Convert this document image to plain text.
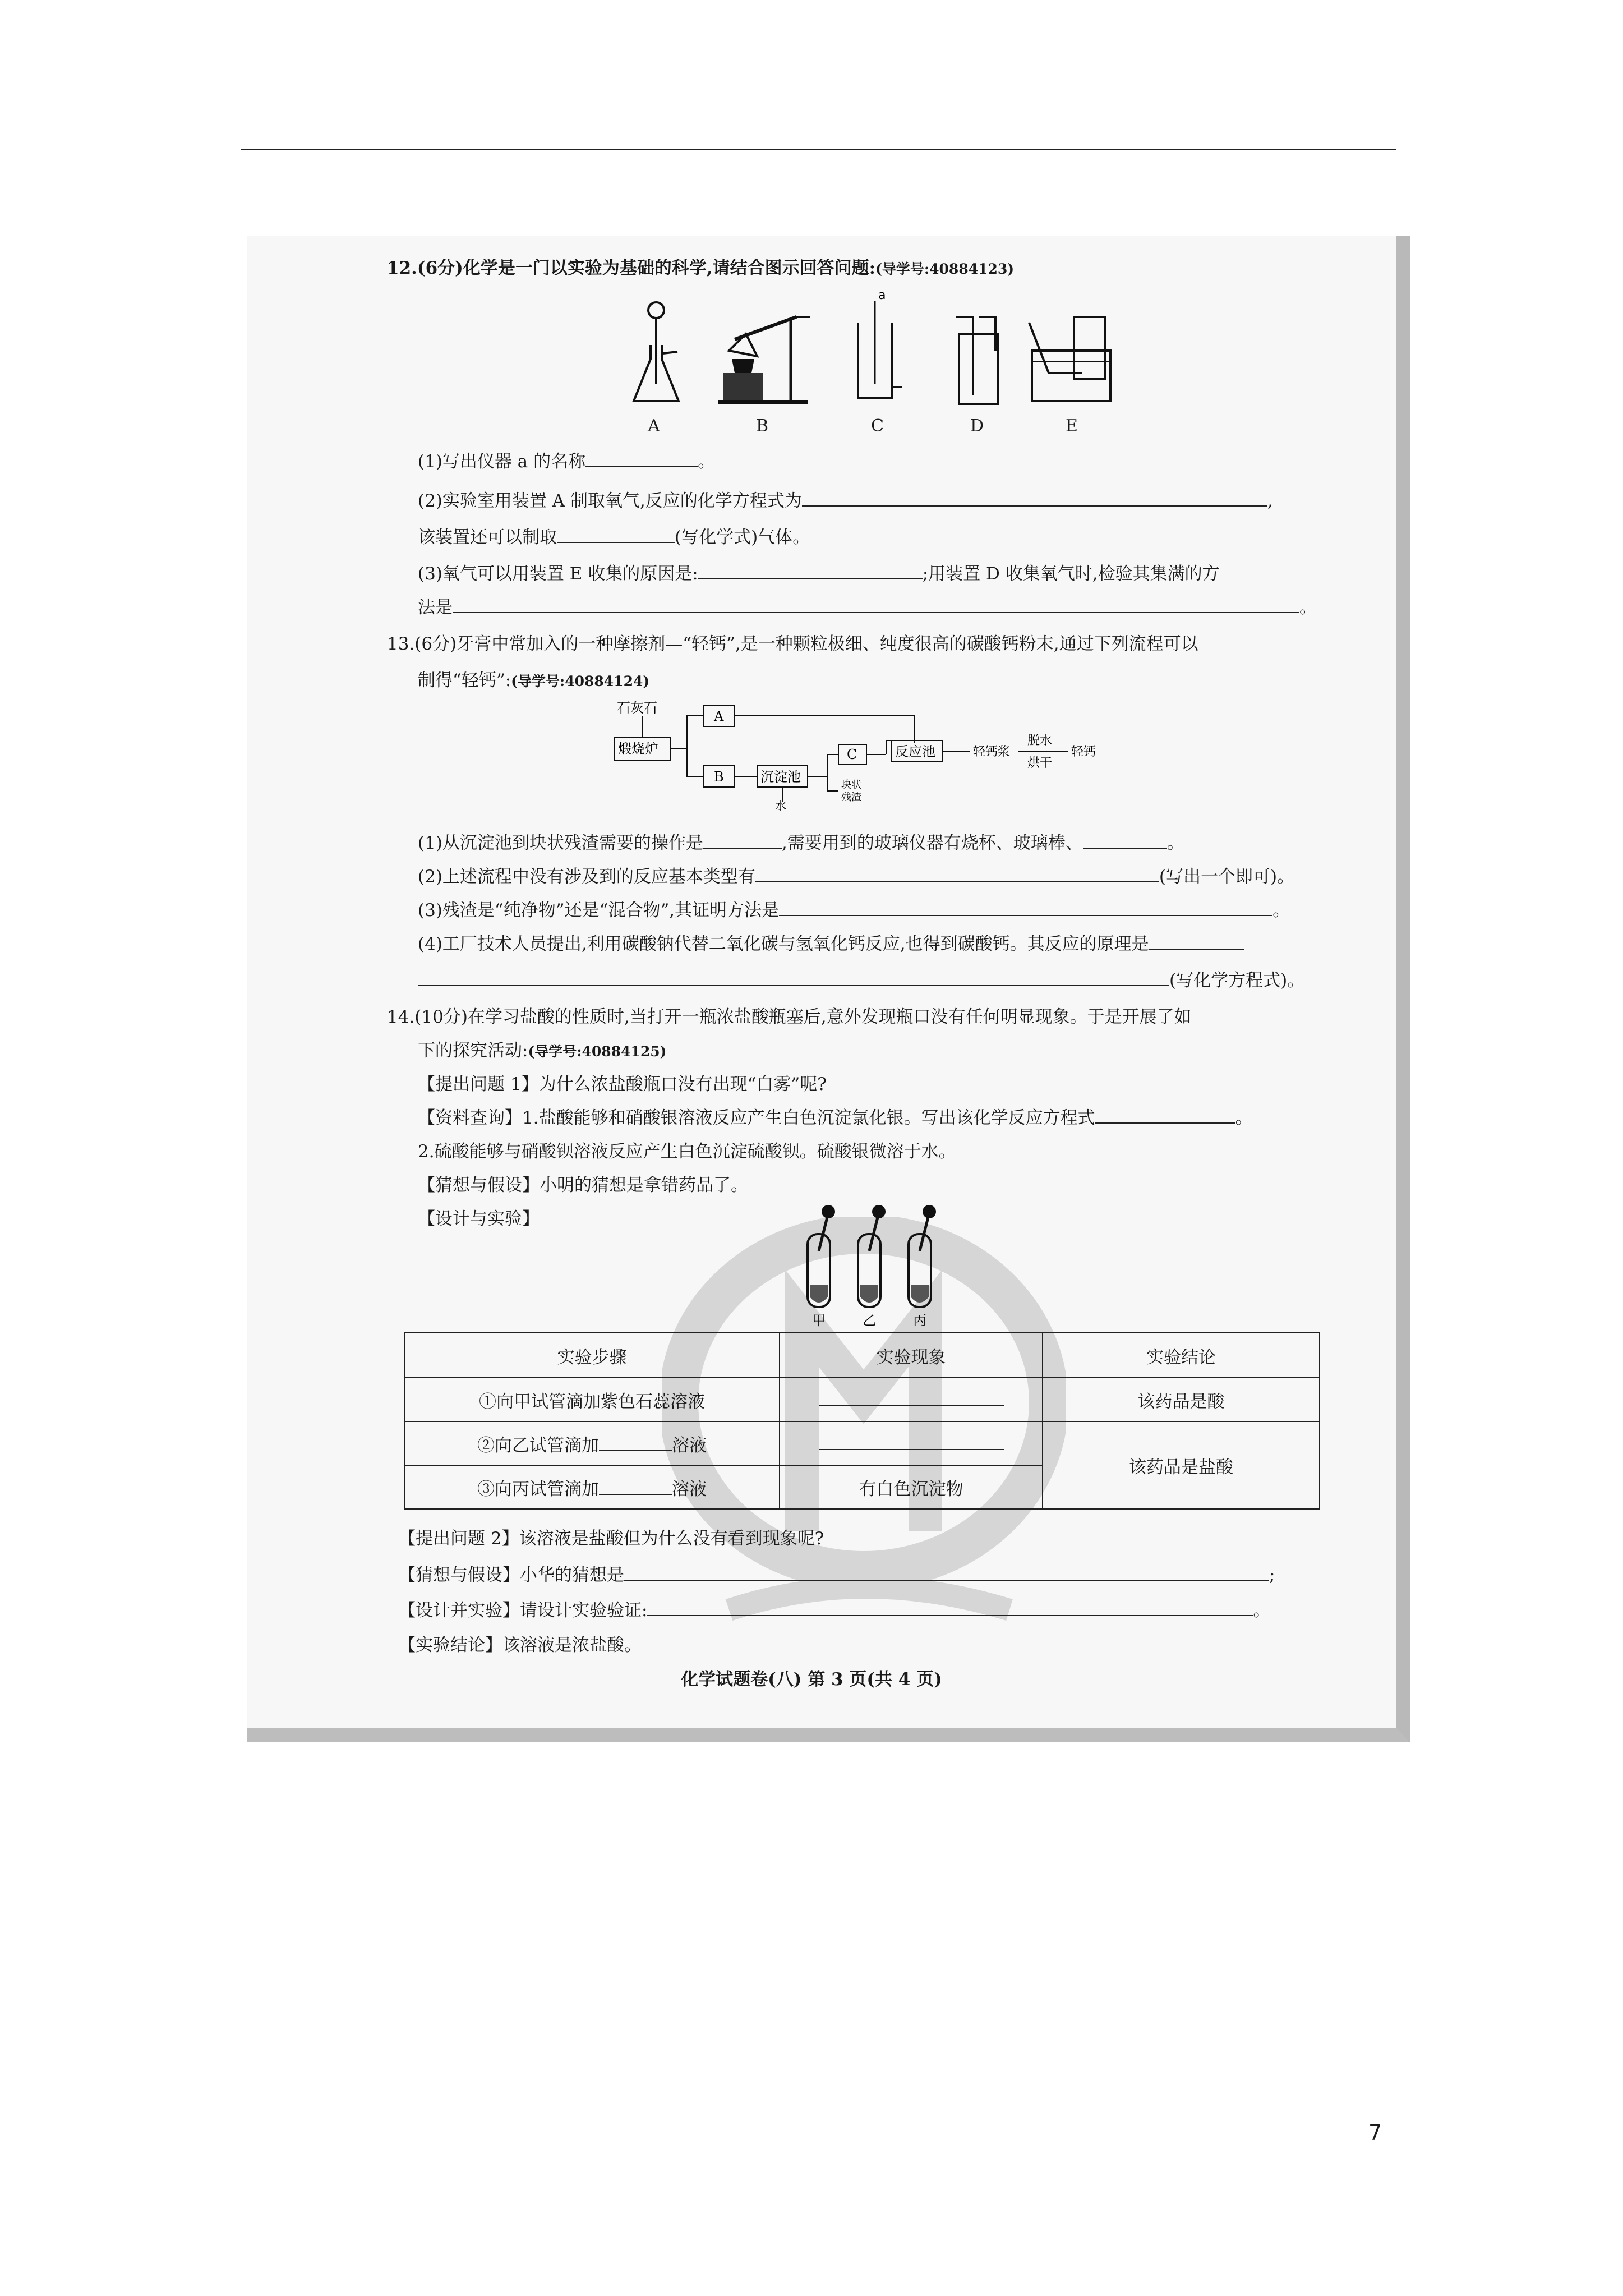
12.(6分)化学是一门以实验为基础的科学,请结合图示回答问题:(导学号:40884123)
a
A	B	C	D	E
(1)写出仪器 a 的名称	。
(2)实验室用装置 A 制取氧气,反应的化学方程式为	,
该装置还可以制取	(写化学式)气体。
(3)氧气可以用装置 E 收集的原因是:	;用装置 D 收集氧气时,检验其集满的方
法是	。
13.(6分)牙膏中常加入的一种摩擦剂—“轻钙”,是一种颗粒极细、纯度很高的碳酸钙粉末,通过下列流程可以
制得“轻钙”:(导学号:40884124)
石灰石
煅烧炉
A
B	沉淀池
水
C
块状
残渣
反应池	轻钙浆
脱水
烘干
轻钙
(1)从沉淀池到块状残渣需要的操作是	,需要用到的玻璃仪器有烧杯、玻璃棒、	。
(2)上述流程中没有涉及到的反应基本类型有	(写出一个即可)。
(3)残渣是“纯净物”还是“混合物”,其证明方法是	。
(4)工厂技术人员提出,利用碳酸钠代替二氧化碳与氢氧化钙反应,也得到碳酸钙。其反应的原理是
(写化学方程式)。
14.(10分)在学习盐酸的性质时,当打开一瓶浓盐酸瓶塞后,意外发现瓶口没有任何明显现象。于是开展了如
下的探究活动:(导学号:40884125)
【提出问题 1】为什么浓盐酸瓶口没有出现“白雾”呢?
【资料查询】1.盐酸能够和硝酸银溶液反应产生白色沉淀氯化银。写出该化学反应方程式	。
2.硫酸能够与硝酸钡溶液反应产生白色沉淀硫酸钡。硫酸银微溶于水。
【猜想与假设】小明的猜想是拿错药品了。
【设计与实验】
甲	乙	丙
实验步骤	实验现象	实验结论
①向甲试管滴加紫色石蕊溶液		该药品是酸
②向乙试管滴加 溶液		该药品是盐酸
③向丙试管滴加 溶液	有白色沉淀物	
【提出问题 2】该溶液是盐酸但为什么没有看到现象呢?
【猜想与假设】小华的猜想是	;
【设计并实验】请设计实验验证:	。
【实验结论】该溶液是浓盐酸。
化学试题卷(八) 第 3 页(共 4 页)
7
